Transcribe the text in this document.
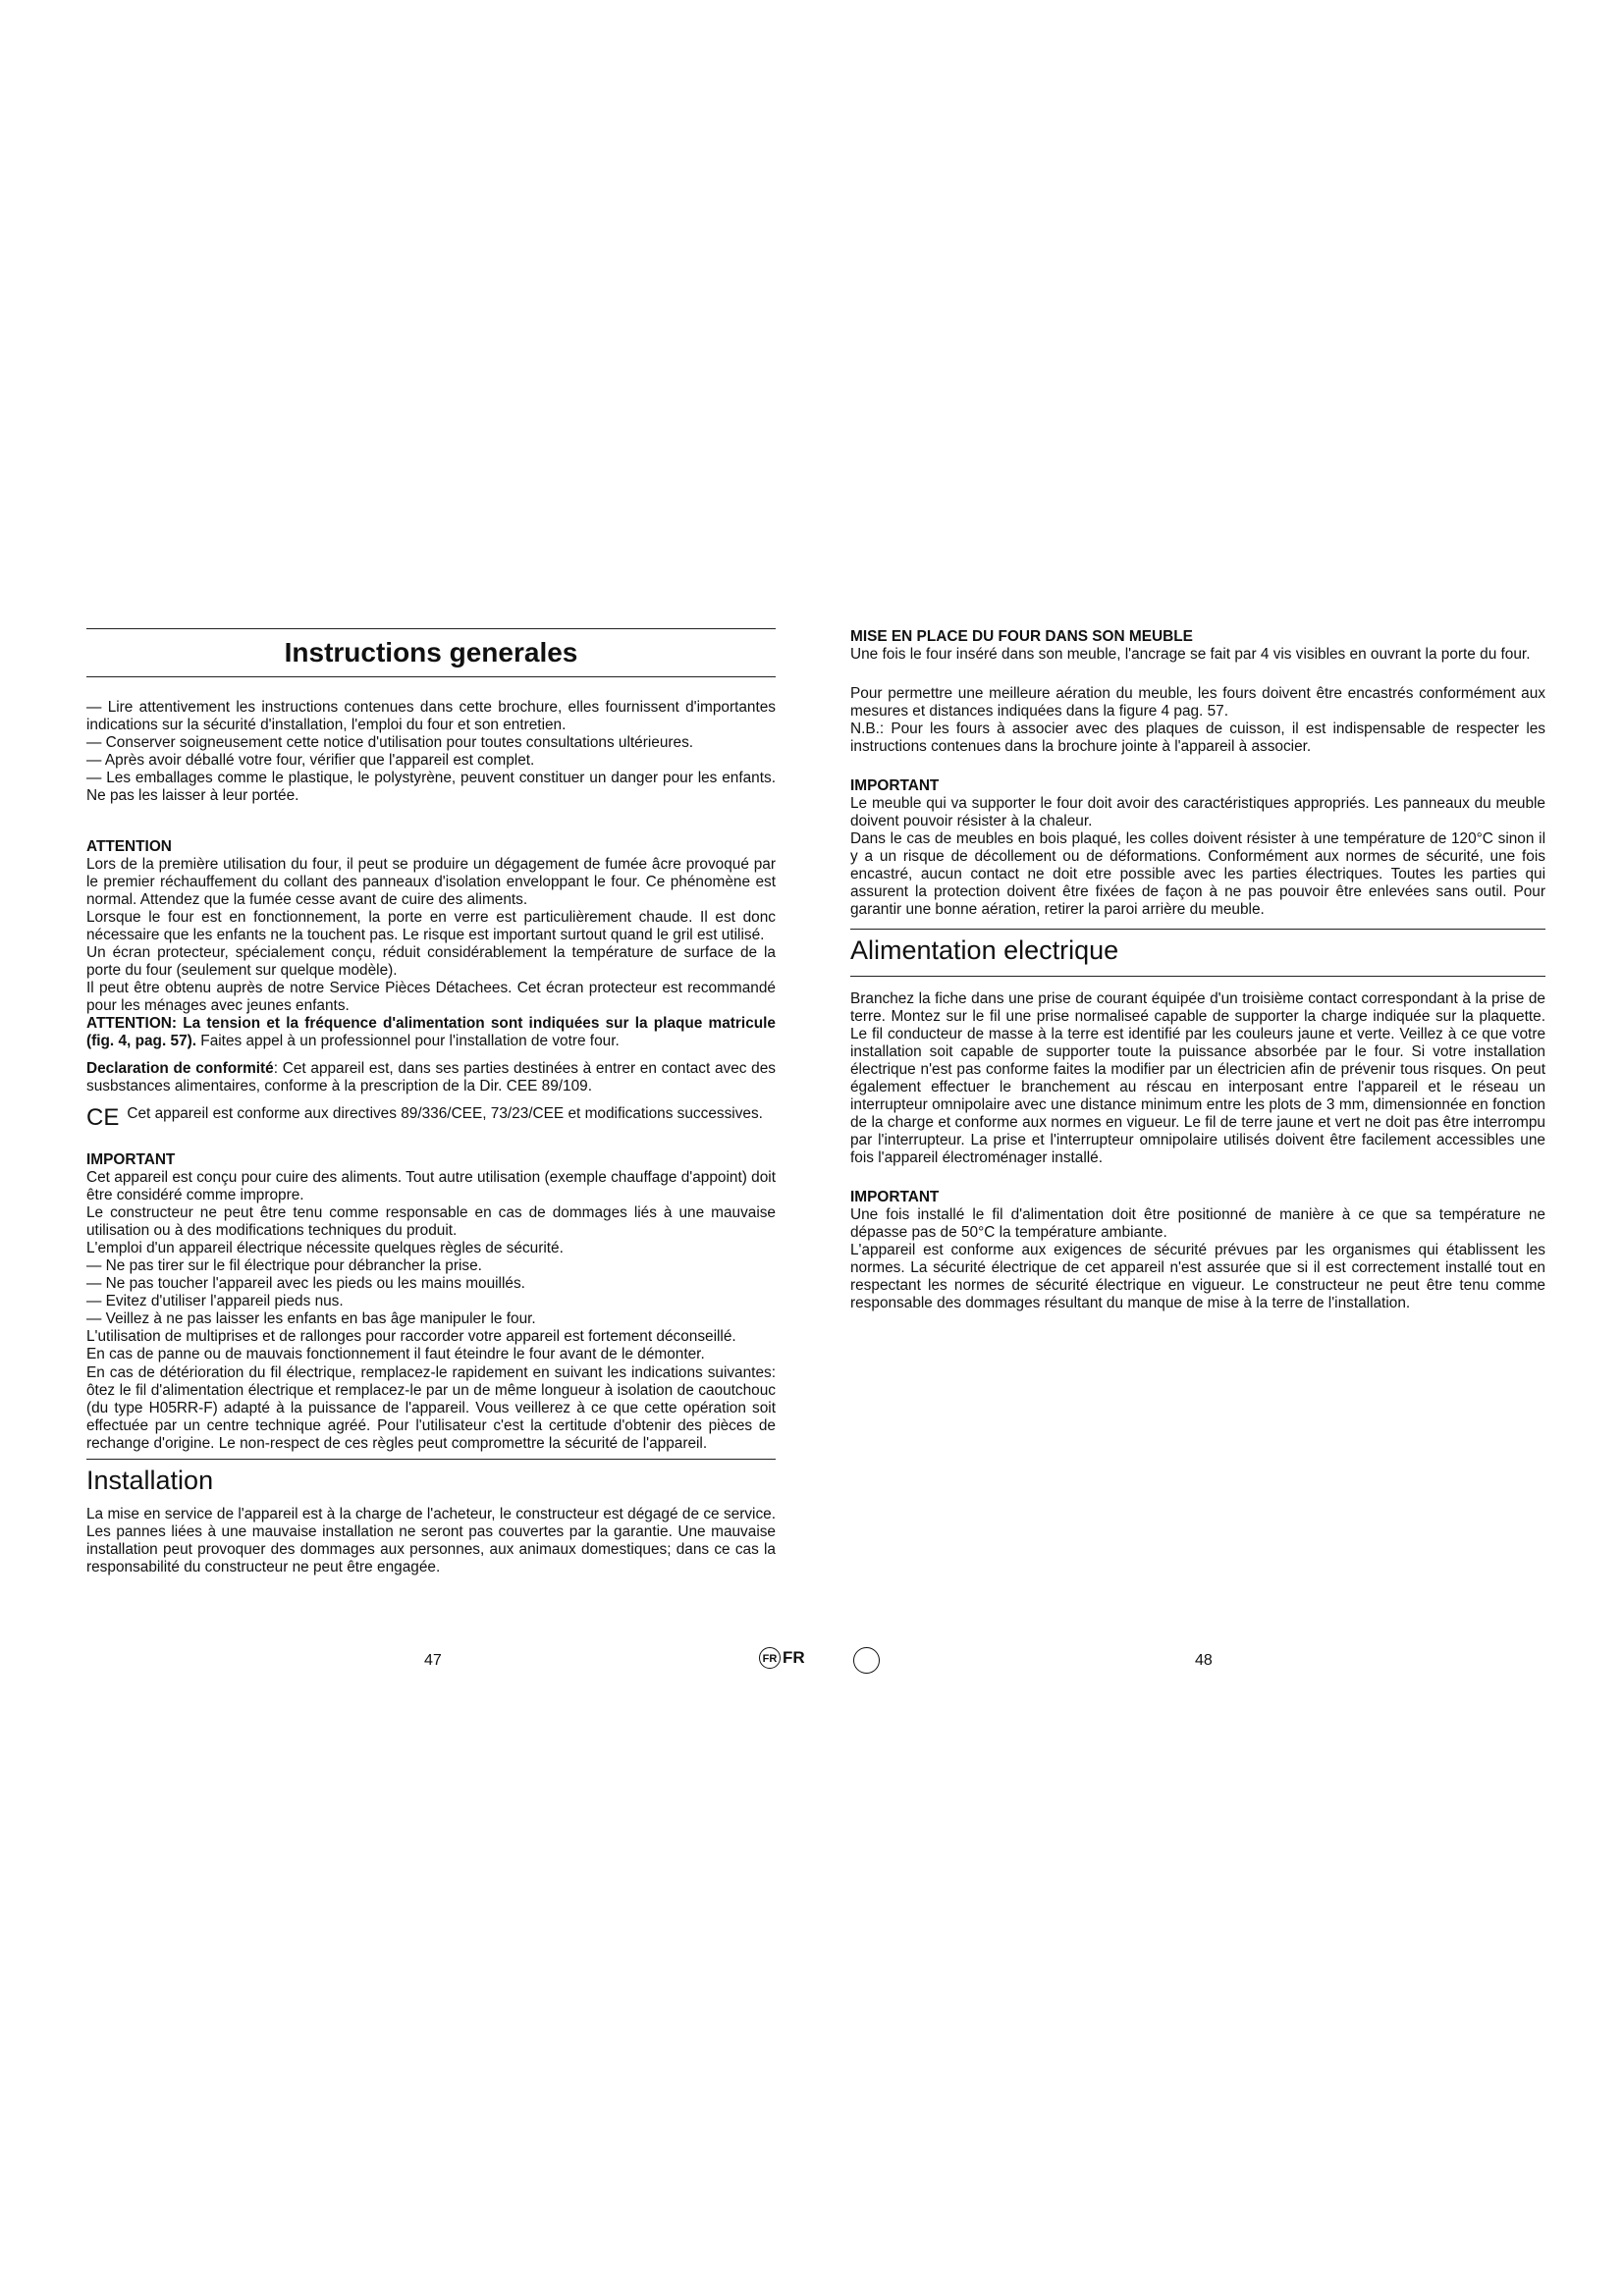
Instructions generales

— Lire attentivement les instructions contenues dans cette brochure, elles fournissent d'importantes indications sur la sécurité d'installation, l'emploi du four et son entretien.

— Conserver soigneusement cette notice d'utilisation pour toutes consultations ultérieures.

— Après avoir déballé votre four, vérifier que l'appareil est complet.

— Les emballages comme le plastique, le polystyrène, peuvent constituer un danger pour les enfants. Ne pas les laisser à leur portée.

ATTENTION

Lors de la première utilisation du four, il peut se produire un dégagement de fumée âcre provoqué par le premier réchauffement du collant des panneaux d'isolation enveloppant le four. Ce phénomène est normal. Attendez que la fumée cesse avant de cuire des aliments.

Lorsque le four est en fonctionnement, la porte en verre est particulièrement chaude. Il est donc nécessaire que les enfants ne la touchent pas. Le risque est important surtout quand le gril est utilisé.

Un écran protecteur, spécialement conçu, réduit considérablement la température de surface de la porte du four (seulement sur quelque modèle).

Il peut être obtenu auprès de notre Service Pièces Détachees. Cet écran protecteur est recommandé pour les ménages avec jeunes enfants.

ATTENTION: La tension et la fréquence d'alimentation sont indiquées sur la plaque matricule (fig. 4, pag. 57). Faites appel à un professionnel pour l'installation de votre four.

Declaration de conformité: Cet appareil est, dans ses parties destinées à entrer en contact avec des susbstances alimentaires, conforme à la prescription de la Dir. CEE 89/109.

CE Cet appareil est conforme aux directives 89/336/CEE, 73/23/CEE et modifications successives.

IMPORTANT

Cet appareil est conçu pour cuire des aliments. Tout autre utilisation (exemple chauffage d'appoint) doit être considéré comme impropre.

Le constructeur ne peut être tenu comme responsable en cas de dommages liés à une mauvaise utilisation ou à des modifications techniques du produit.

L'emploi d'un appareil électrique nécessite quelques règles de sécurité.

— Ne pas tirer sur le fil électrique pour débrancher la prise.

— Ne pas toucher l'appareil avec les pieds ou les mains mouillés.

— Evitez d'utiliser l'appareil pieds nus.

— Veillez à ne pas laisser les enfants en bas âge manipuler le four.

L'utilisation de multiprises et de rallonges pour raccorder votre appareil est fortement déconseillé.

En cas de panne ou de mauvais fonctionnement il faut éteindre le four avant de le démonter.

En cas de détérioration du fil électrique, remplacez-le rapidement en suivant les indications suivantes: ôtez le fil d'alimentation électrique et remplacez-le par un de même longueur à isolation de caoutchouc (du type H05RR-F) adapté à la puissance de l'appareil. Vous veillerez à ce que cette opération soit effectuée par un centre technique agréé. Pour l'utilisateur c'est la certitude d'obtenir des pièces de rechange d'origine. Le non-respect de ces règles peut compromettre la sécurité de l'appareil.

Installation

La mise en service de l'appareil est à la charge de l'acheteur, le constructeur est dégagé de ce service. Les pannes liées à une mauvaise installation ne seront pas couvertes par la garantie. Une mauvaise installation peut provoquer des dommages aux personnes, aux animaux domestiques; dans ce cas la responsabilité du constructeur ne peut être engagée.

MISE EN PLACE DU FOUR DANS SON MEUBLE

Une fois le four inséré dans son meuble, l'ancrage se fait par 4 vis visibles en ouvrant la porte du four.

Pour permettre une meilleure aération du meuble, les fours doivent être encastrés conformément aux mesures et distances indiquées dans la figure 4 pag. 57.

N.B.: Pour les fours à associer avec des plaques de cuisson, il est indispensable de respecter les instructions contenues dans la brochure jointe à l'appareil à associer.

IMPORTANT

Le meuble qui va supporter le four doit avoir des caractéristiques appropriés. Les panneaux du meuble doivent pouvoir résister à la chaleur.

Dans le cas de meubles en bois plaqué, les colles doivent résister à une température de 120°C sinon il y a un risque de décollement ou de déformations. Conformément aux normes de sécurité, une fois encastré, aucun contact ne doit etre possible avec les parties électriques. Toutes les parties qui assurent la protection doivent être fixées de façon à ne pas pouvoir être enlevées sans outil. Pour garantir une bonne aération, retirer la paroi arrière du meuble.

Alimentation electrique

Branchez la fiche dans une prise de courant équipée d'un troisième contact correspondant à la prise de terre. Montez sur le fil une prise normaliseé capable de supporter la charge indiquée sur la plaquette. Le fil conducteur de masse à la terre est identifié par les couleurs jaune et verte. Veillez à ce que votre installation soit capable de supporter toute la puissance absorbée par le four. Si votre installation électrique n'est pas conforme faites la modifier par un électricien afin de prévenir tous risques. On peut également effectuer le branchement au réscau en interposant entre l'appareil et le réseau un interrupteur omnipolaire avec une distance minimum entre les plots de 3 mm, dimensionnée en fonction de la charge et conforme aux normes en vigueur. Le fil de terre jaune et vert ne doit pas être interrompu par l'interrupteur. La prise et l'interrupteur omnipolaire utilisés doivent être facilement accessibles une fois l'appareil électroménager installé.

IMPORTANT

Une fois installé le fil d'alimentation doit être positionné de manière à ce que sa température ne dépasse pas de 50°C la température ambiante.

L'appareil est conforme aux exigences de sécurité prévues par les organismes qui établissent les normes. La sécurité électrique de cet appareil n'est assurée que si il est correctement installé tout en respectant les normes de sécurité électrique en vigueur. Le constructeur ne peut être tenu comme responsable des dommages résultant du manque de mise à la terre de l'installation.

47	FR FR	48
